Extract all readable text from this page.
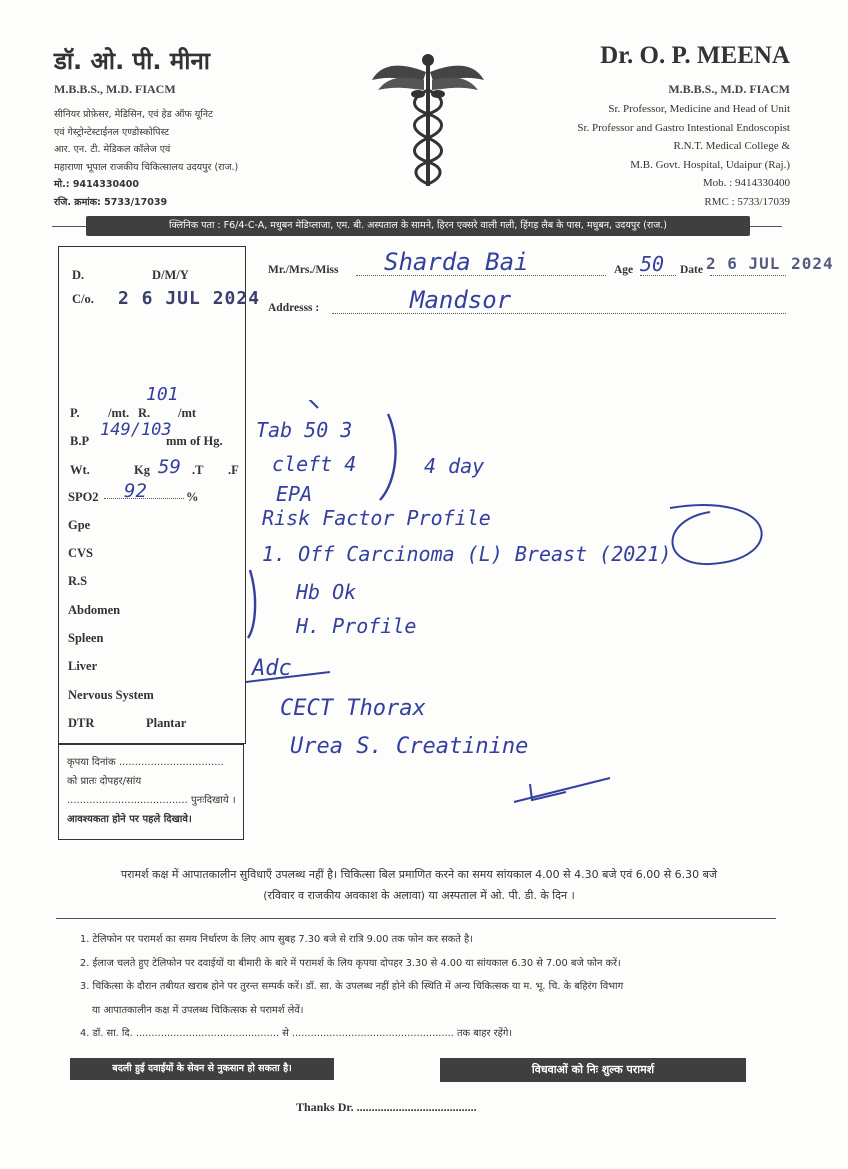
डॉ. ओ. पी. मीना
M.B.B.S., M.D. FIACM
सीनियर प्रोफ़ेसर, मेडिसिन, एवं हेड ऑफ यूनिट
एवं गेस्ट्रोन्टेस्टाईनल एण्डोस्कोपिस्ट
आर. एन. टी. मेडिकल कॉलेज एवं
महाराणा भूपाल राजकीय चिकित्सालय उदयपुर (राज.)
मो.: 9414330400
रजि. क्रमांक: 5733/17039
Dr. O. P. MEENA
M.B.B.S., M.D. FIACM
Sr. Professor, Medicine and Head of Unit
Sr. Professor and Gastro Intestional Endoscopist
R.N.T. Medical College &
M.B. Govt. Hospital, Udaipur (Raj.)
Mob. : 9414330400
RMC : 5733/17039
क्लिनिक पता : F6/4-C-A, मधुबन मेडिप्लाजा, एम. बी. अस्पताल के सामने, हिरन एक्सरे वाली गली, हिंगड़ लैब के पास, मधुबन, उदयपुर (राज.)
D.	D/M/Y
C/o. 2 6 JUL 2024
P. /mt. R. /mt
101
B.P
149/103
mm of Hg.
Wt.	Kg 59 .T .F
SPO2 92	%
Gpe
CVS
R.S
Abdomen
Spleen
Liver
Nervous System
DTR	Plantar
कृपया दिनांक .................................
को प्रातः दोपहर/सांय
...................................... पुनःदिखाये ।
आवश्यकता होने पर पहले दिखावे।
Mr./Mrs./Miss Sharda Bai	Age 50 Date 2 6 JUL 2024
Addresss :	Mandsor
Tab 50 3
cleft 4	4 day
EPA
Risk Factor Profile
1. Off Carcinoma (L) Breast (2021)
Hb Ok
H. Profile
Adc
CECT Thorax
Urea S. Creatinine
परामर्श कक्ष में आपातकालीन सुविधाएँ उपलब्ध नहीं है। चिकित्सा बिल प्रमाणित करने का समय सांयकाल 4.00 से 4.30 बजे एवं 6.00 से 6.30 बजे
(रविवार व राजकीय अवकाश के अलावा) या अस्पताल में ओ. पी. डी. के दिन ।
1. टेलिफोन पर परामर्श का समय निर्धारण के लिए आप सुबह 7.30 बजे से रात्रि 9.00 तक फोन कर सकते है।
2. ईलाज चलते हुए टेलिफोन पर दवाईयों या बीमारी के बारे में परामर्श के लिय कृपया दोपहर 3.30 से 4.00 या सांयकाल 6.30 से 7.00 बजे फोन करें।
3. चिकित्सा के दौरान तबीयत खराब होने पर तुरन्त सम्पर्क करें। डॉ. सा. के उपलब्ध नहीं होने की स्थिति में अन्य चिकित्सक या म. भू. चि. के बहिरंग विभाग
या आपातकालीन कक्ष में उपलब्ध चिकित्सक से परामर्श लेवें।
4. डॉ. सा. दि. .............................................. से .................................................... तक बाहर रहेंगे।
बदली हुई दवाईयों के सेवन से नुकसान हो सकता है।	विधवाओं को निः शुल्क परामर्श
Thanks Dr. ........................................
